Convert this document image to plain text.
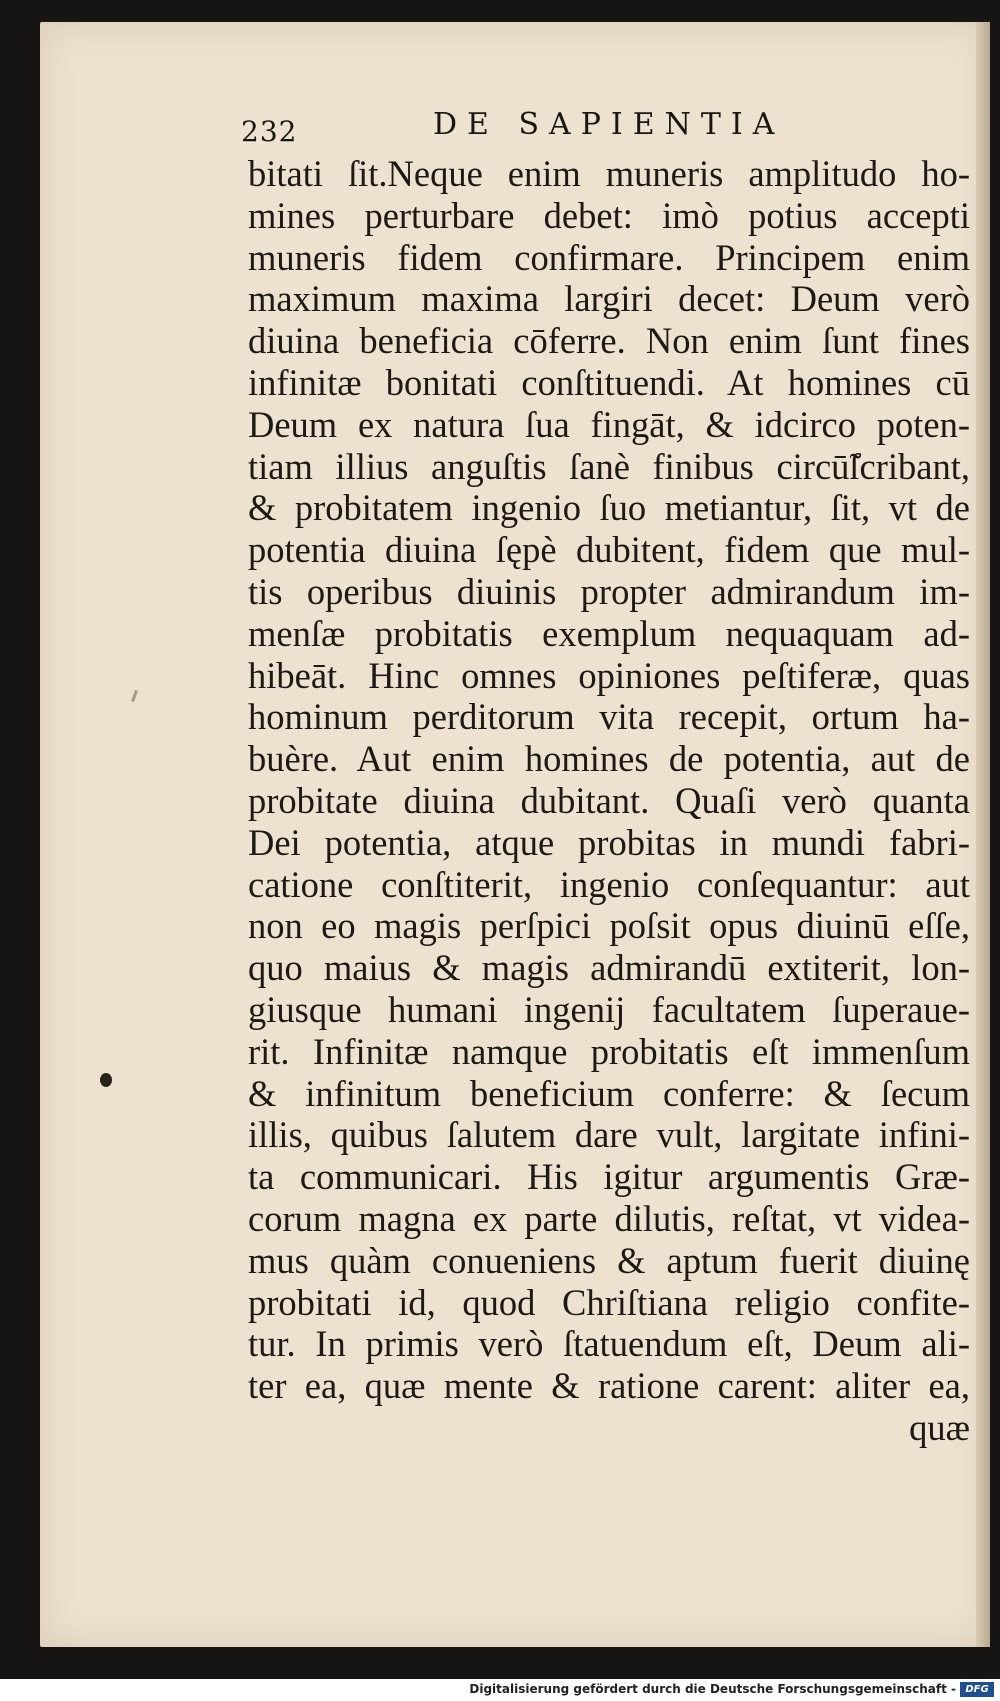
232	DE SAPIENTIA
bitati ſit.Neque enim muneris amplitudo ho-
mines perturbare debet: imò potius accepti
muneris fidem confirmare. Principem enim
maximum maxima largiri decet: Deum verò
diuina beneficia cōferre. Non enim ſunt fines
infinitæ bonitati conſtituendi. At homines cū
Deum ex natura ſua fingāt, & idcirco poten-
tiam illius anguſtis ſanè finibus circū̃ſcribant,
& probitatem ingenio ſuo metiantur, ſit, vt de
potentia diuina ſępè dubitent, fidem que mul-
tis operibus diuinis propter admirandum im-
menſæ probitatis exemplum nequaquam ad-
hibeāt. Hinc omnes opiniones peſtiferæ, quas
hominum perditorum vita recepit, ortum ha-
buère. Aut enim homines de potentia, aut de
probitate diuina dubitant. Quaſi verò quanta
Dei potentia, atque probitas in mundi fabri-
catione conſtiterit, ingenio conſequantur: aut
non eo magis perſpici poſsit opus diuinū eſſe,
quo maius & magis admirandū extiterit, lon-
giusque humani ingenij facultatem ſuperaue-
rit. Infinitæ namque probitatis eſt immenſum
& infinitum beneficium conferre: & ſecum
illis, quibus ſalutem dare vult, largitate infini-
ta communicari. His igitur argumentis Græ-
corum magna ex parte dilutis, reſtat, vt videa-
mus quàm conueniens & aptum fuerit diuinę
probitati id, quod Chriſtiana religio confite-
tur. In primis verò ſtatuendum eſt, Deum ali-
ter ea, quæ mente & ratione carent: aliter ea,
quæ
Digitalisierung gefördert durch die Deutsche Forschungsgemeinschaft - DFG
